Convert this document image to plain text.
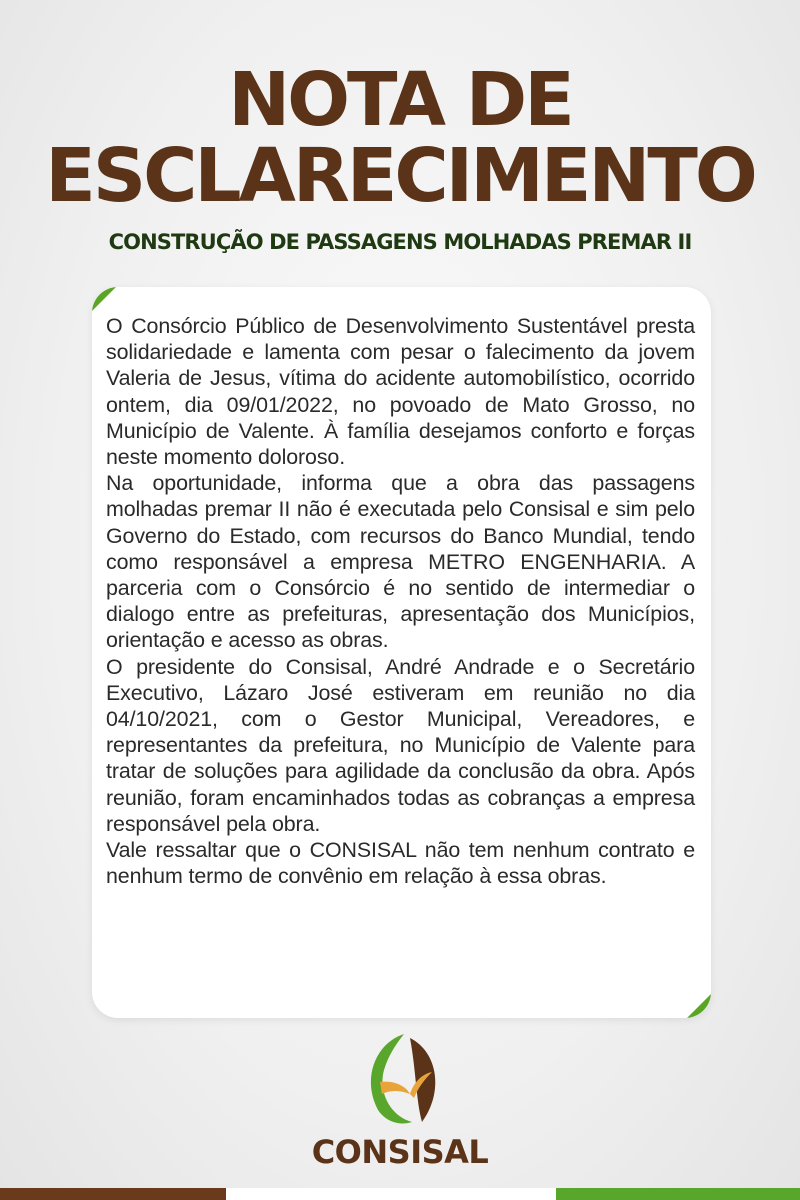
NOTA DE
ESCLARECIMENTO
CONSTRUÇÃO DE PASSAGENS MOLHADAS PREMAR II

O Consórcio Público de Desenvolvimento Sustentável presta solidariedade e lamenta com pesar o falecimento da jovem Valeria de Jesus, vítima do acidente automobilístico, ocorrido ontem, dia 09/01/2022, no povoado de Mato Grosso, no Município de Valente. À família desejamos conforto e forças neste momento doloroso.

Na oportunidade, informa que a obra das passagens molhadas premar II não é executada pelo Consisal e sim pelo Governo do Estado, com recursos do Banco Mundial, tendo como responsável a empresa METRO ENGENHARIA. A parceria com o Consórcio é no sentido de intermediar o dialogo entre as prefeituras, apresentação dos Municípios, orientação e acesso as obras.

O presidente do Consisal, André Andrade e o Secretário Executivo, Lázaro José estiveram em reunião no dia 04/10/2021, com o Gestor Municipal, Vereadores, e representantes da prefeitura, no Município de Valente para tratar de soluções para agilidade da conclusão da obra. Após reunião, foram encaminhados todas as cobranças a empresa responsável pela obra.

Vale ressaltar que o CONSISAL não tem nenhum contrato e nenhum termo de convênio em relação à essa obras.

CONSISAL
